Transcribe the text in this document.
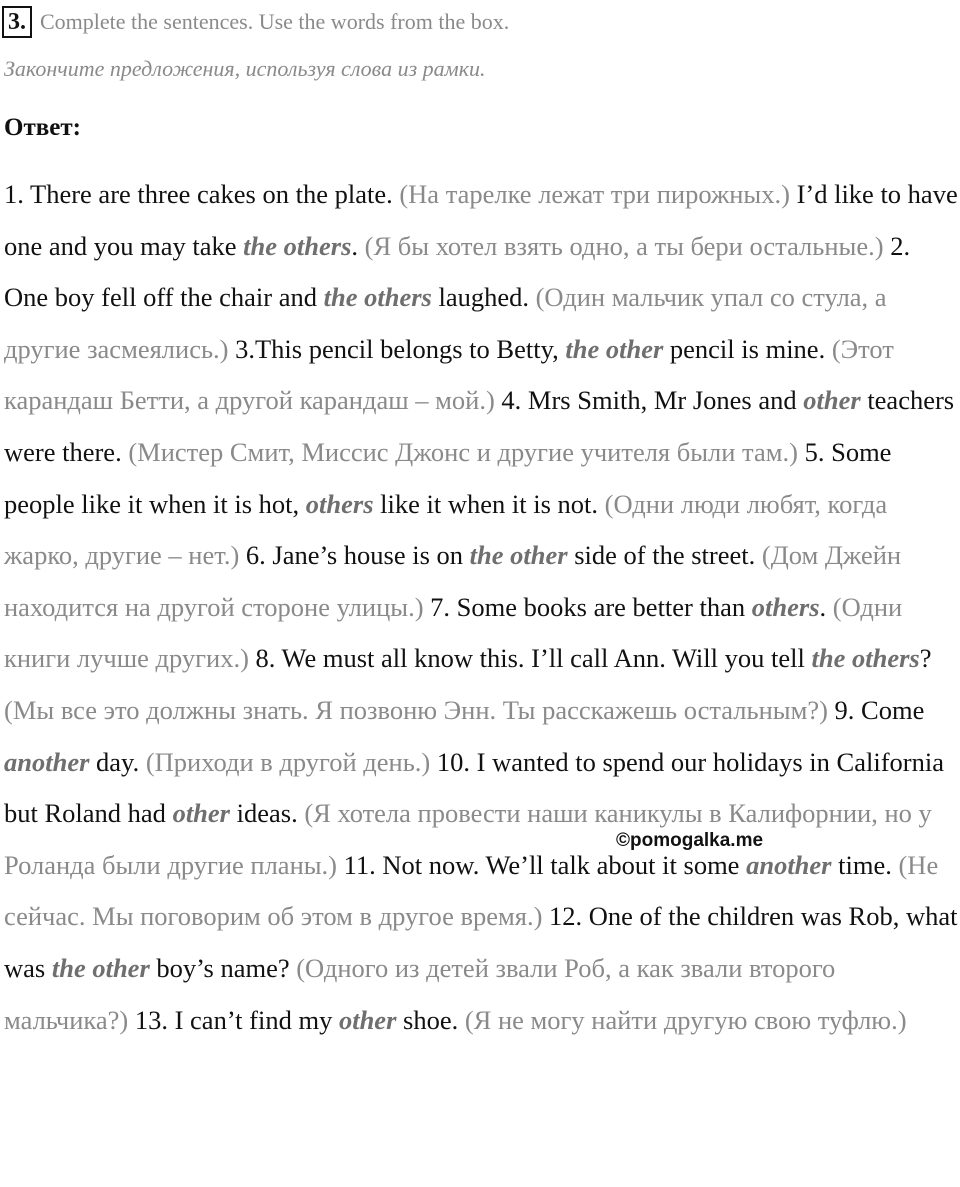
3. Complete the sentences. Use the words from the box.
Закончите предложения, используя слова из рамки.
Ответ:

1. There are three cakes on the plate. (На тарелке лежат три пирожных.) I’d like to have one and you may take the others. (Я бы хотел взять одно, а ты бери остальные.) 2. One boy fell off the chair and the others laughed. (Один мальчик упал со стула, а другие засмеялись.) 3.This pencil belongs to Betty, the other pencil is mine. (Этот карандаш Бетти, а другой карандаш – мой.) 4. Mrs Smith, Mr Jones and other teachers were there. (Мистер Смит, Миссис Джонс и другие учителя были там.) 5. Some people like it when it is hot, others like it when it is not. (Одни люди любят, когда жарко, другие – нет.) 6. Jane’s house is on the other side of the street. (Дом Джейн находится на другой стороне улицы.) 7. Some books are better than others. (Одни книги лучше других.) 8. We must all know this. I’ll call Ann. Will you tell the others? (Мы все это должны знать. Я позвоню Энн. Ты расскажешь остальным?) 9. Come another day. (Приходи в другой день.) 10. I wanted to spend our holidays in California but Roland had other ideas. (Я хотела провести наши каникулы в Калифорнии, но у Роланда были другие планы.) 11. Not now. We’ll talk about it some another time. (Не сейчас. Мы поговорим об этом в другое время.) 12. One of the children was Rob, what was the other boy’s name? (Одного из детей звали Роб, а как звали второго мальчика?) 13. I can’t find my other shoe. (Я не могу найти другую свою туфлю.)

©pomogalka.me
